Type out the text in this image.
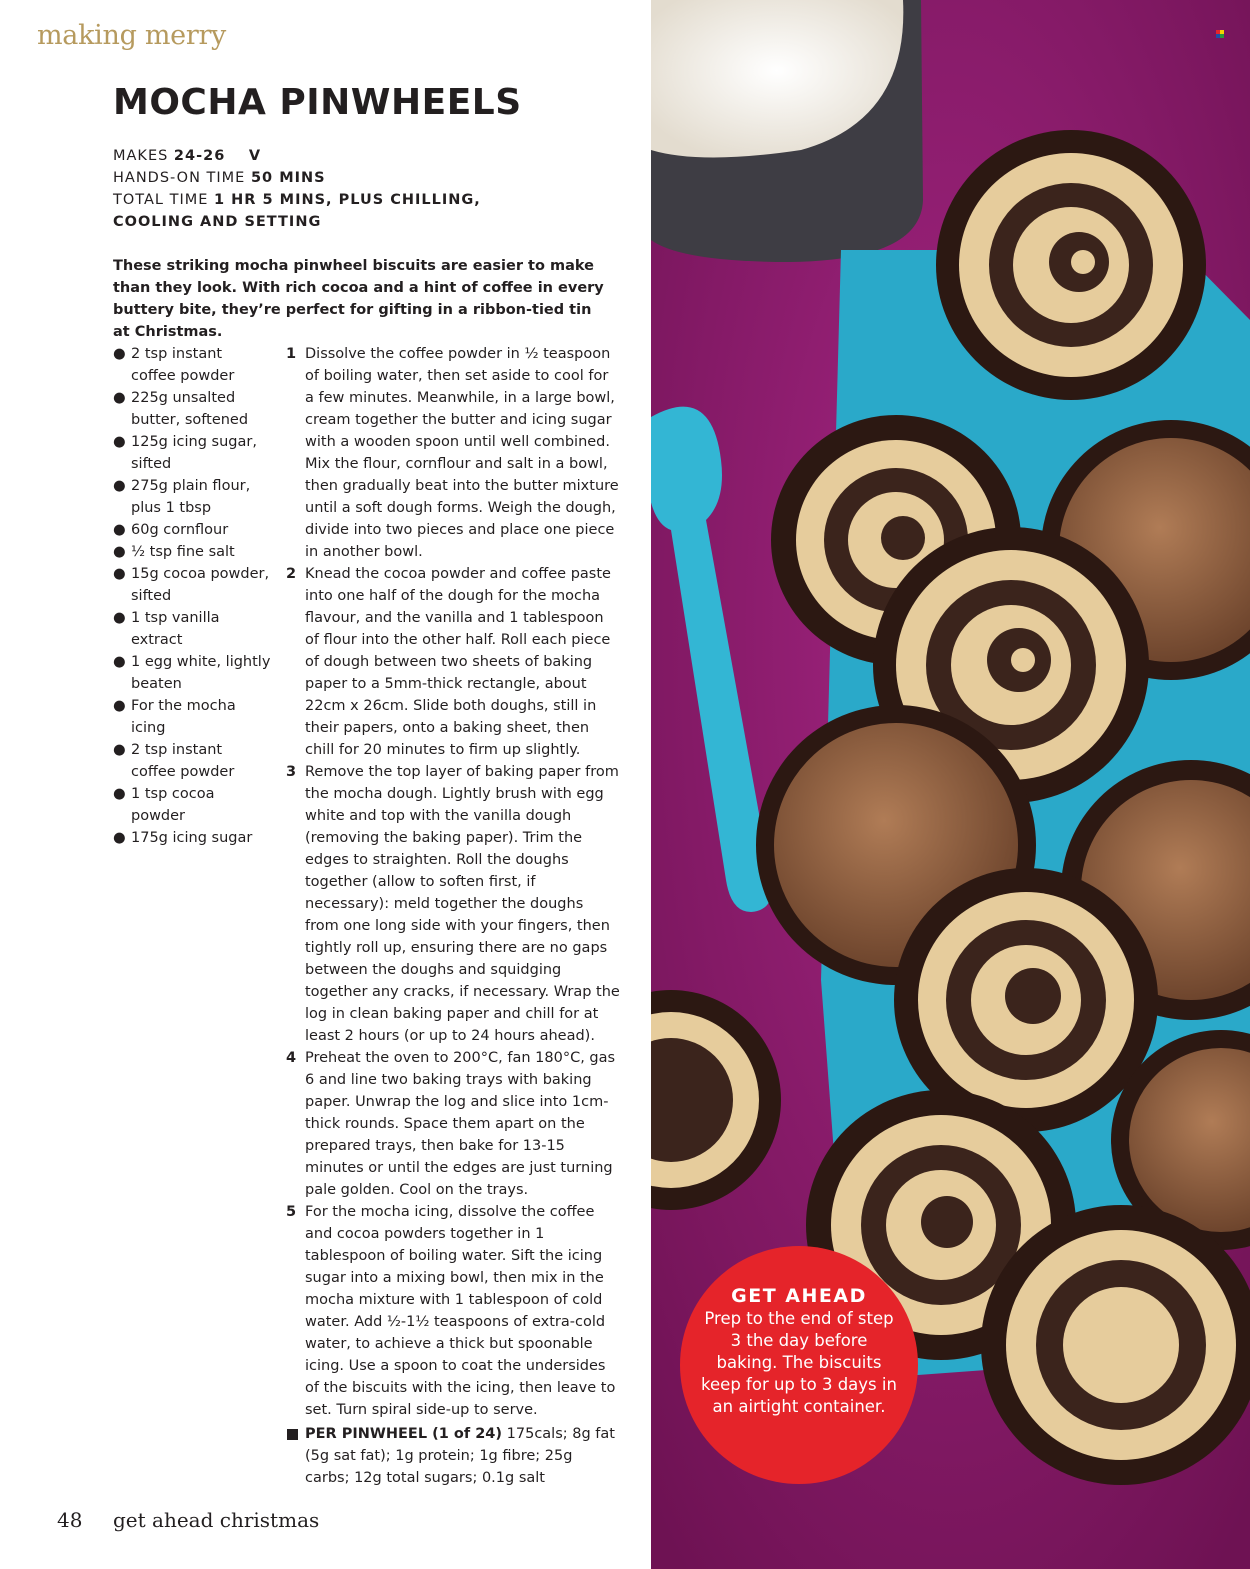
making merry
MOCHA PINWHEELS
MAKES 24-26 V
HANDS-ON TIME 50 MINS
TOTAL TIME 1 HR 5 MINS, PLUS CHILLING, COOLING AND SETTING
These striking mocha pinwheel biscuits are easier to make than they look. With rich cocoa and a hint of coffee in every buttery bite, they’re perfect for gifting in a ribbon-tied tin at Christmas.
● 2 tsp instant coffee powder
● 225g unsalted butter, softened
● 125g icing sugar, sifted
● 275g plain flour, plus 1 tbsp
● 60g cornflour
● ½ tsp fine salt
● 15g cocoa powder, sifted
● 1 tsp vanilla extract
● 1 egg white, lightly beaten
● For the mocha icing
● 2 tsp instant coffee powder
● 1 tsp cocoa powder
● 175g icing sugar
1 Dissolve the coffee powder in ½ teaspoon of boiling water, then set aside to cool for a few minutes. Meanwhile, in a large bowl, cream together the butter and icing sugar with a wooden spoon until well combined. Mix the flour, cornflour and salt in a bowl, then gradually beat into the butter mixture until a soft dough forms. Weigh the dough, divide into two pieces and place one piece in another bowl.
2 Knead the cocoa powder and coffee paste into one half of the dough for the mocha flavour, and the vanilla and 1 tablespoon of flour into the other half. Roll each piece of dough between two sheets of baking paper to a 5mm-thick rectangle, about 22cm x 26cm. Slide both doughs, still in their papers, onto a baking sheet, then chill for 20 minutes to firm up slightly.
3 Remove the top layer of baking paper from the mocha dough. Lightly brush with egg white and top with the vanilla dough (removing the baking paper). Trim the edges to straighten. Roll the doughs together (allow to soften first, if necessary): meld together the doughs from one long side with your fingers, then tightly roll up, ensuring there are no gaps between the doughs and squidging together any cracks, if necessary. Wrap the log in clean baking paper and chill for at least 2 hours (or up to 24 hours ahead).
4 Preheat the oven to 200°C, fan 180°C, gas 6 and line two baking trays with baking paper. Unwrap the log and slice into 1cm-thick rounds. Space them apart on the prepared trays, then bake for 13-15 minutes or until the edges are just turning pale golden. Cool on the trays.
5 For the mocha icing, dissolve the coffee and cocoa powders together in 1 tablespoon of boiling water. Sift the icing sugar into a mixing bowl, then mix in the mocha mixture with 1 tablespoon of cold water. Add ½-1½ teaspoons of extra-cold water, to achieve a thick but spoonable icing. Use a spoon to coat the undersides of the biscuits with the icing, then leave to set. Turn spiral side-up to serve.
PER PINWHEEL (1 of 24) 175cals; 8g fat (5g sat fat); 1g protein; 1g fibre; 25g carbs; 12g total sugars; 0.1g salt
48 get ahead christmas
GET AHEAD
Prep to the end of step 3 the day before baking. The biscuits keep for up to 3 days in an airtight container.
